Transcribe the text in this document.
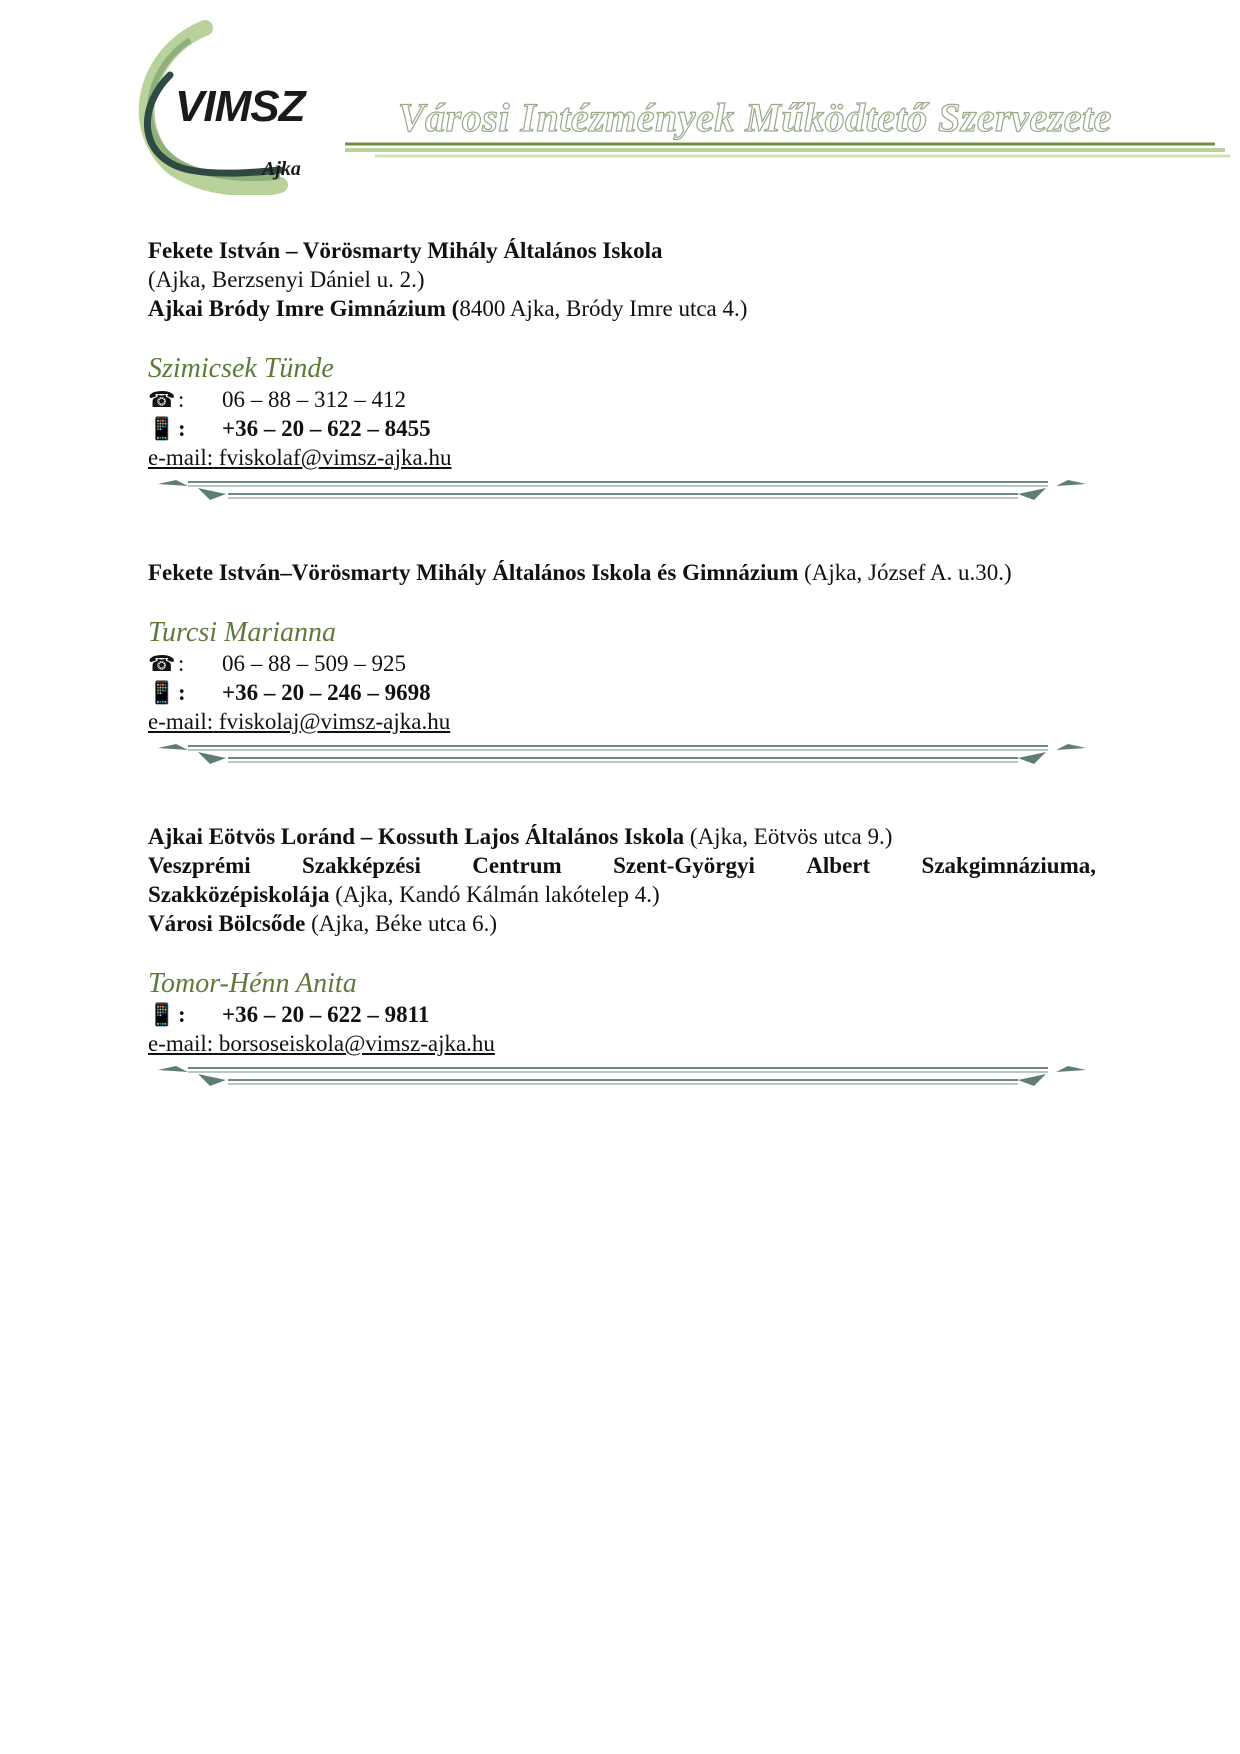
VIMSZ
Ajka
Városi Intézmények Működtető Szervezete
Fekete István – Vörösmarty Mihály Általános Iskola
(Ajka, Berzsenyi Dániel u. 2.)
Ajkai Bródy Imre Gimnázium (8400 Ajka, Bródy Imre utca 4.)
Szimicsek Tünde
☎ :	06 – 88 – 312 – 412
📱 :	+36 – 20 – 622 – 8455
e-mail: fviskolaf@vimsz-ajka.hu
Fekete István–Vörösmarty Mihály Általános Iskola és Gimnázium (Ajka, József A. u.30.)
Turcsi Marianna
☎ :	06 – 88 – 509 – 925
📱 :	+36 – 20 – 246 – 9698
e-mail: fviskolaj@vimsz-ajka.hu
Ajkai Eötvös Loránd – Kossuth Lajos Általános Iskola (Ajka, Eötvös utca 9.)
Veszprémi Szakképzési Centrum Szent-Györgyi Albert Szakgimnáziuma,
Szakközépiskolája (Ajka, Kandó Kálmán lakótelep 4.)
Városi Bölcsőde (Ajka, Béke utca 6.)
Tomor-Hénn Anita
📱 :	+36 – 20 – 622 – 9811
e-mail: borsoseiskola@vimsz-ajka.hu
